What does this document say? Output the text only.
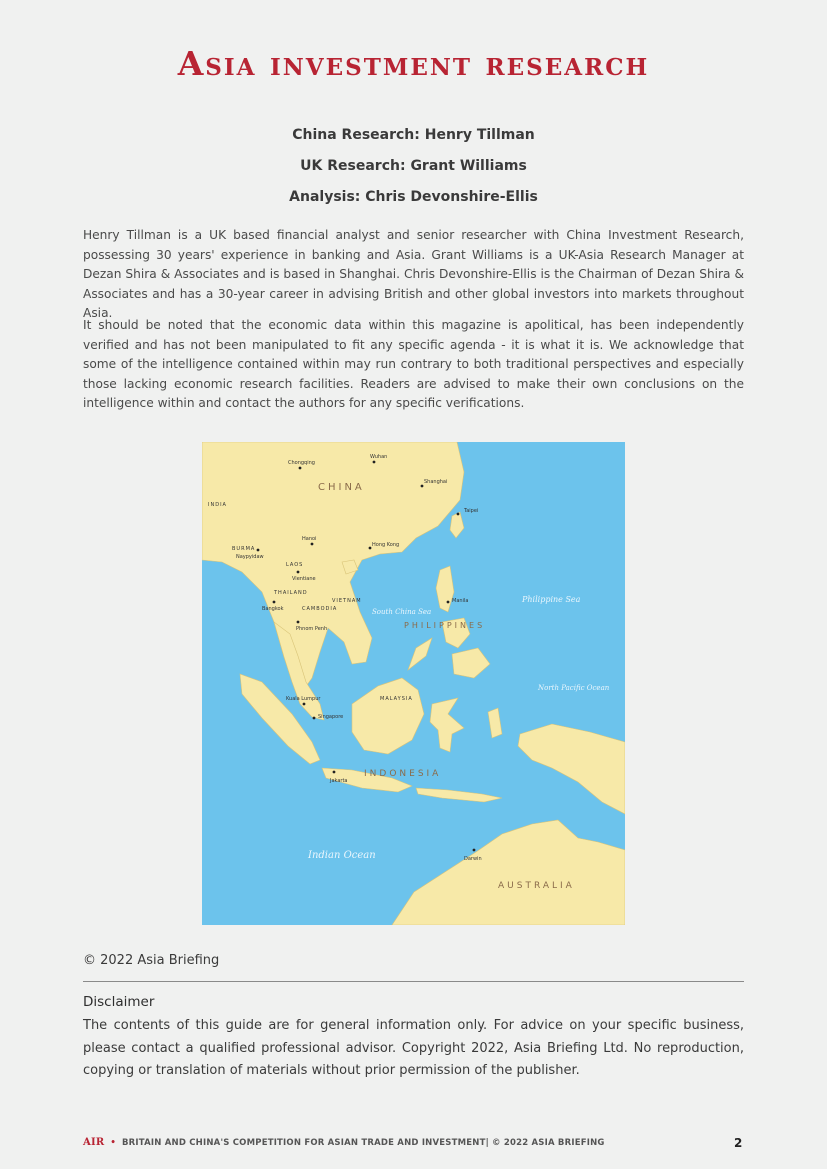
Asia investment research
China Research: Henry Tillman
UK Research: Grant Williams
Analysis: Chris Devonshire-Ellis
Henry Tillman is a UK based financial analyst and senior researcher with China Investment Research, possessing 30 years' experience in banking and Asia. Grant Williams is a UK-Asia Research Manager at Dezan Shira & Associates and is based in Shanghai. Chris Devonshire-Ellis is the Chairman of Dezan Shira & Associates and has a 30-year career in advising British and other global investors into markets throughout Asia.
It should be noted that the economic data within this magazine is apolitical, has been independently verified and has not been manipulated to fit any specific agenda - it is what it is. We acknowledge that some of the intelligence contained within may run contrary to both traditional perspectives and especially those lacking economic research facilities. Readers are advised to make their own conclusions on the intelligence within and contact the authors for any specific verifications.
CHINA
PHILIPPINES
INDONESIA
AUSTRALIA
VIETNAM
LAOS
THAILAND
CAMBODIA
BURMA
INDIA
MALAYSIA
South China Sea
Philippine Sea
North Pacific Ocean
Indian Ocean
Chongqing
Wuhan
Shanghai
Hanoi
Vientiane
Bangkok
Phnom Penh
Manila
Kuala Lumpur
Singapore
Jakarta
Darwin
Hong Kong
Taipei
Naypyidaw
© 2022 Asia Briefing
Disclaimer
The contents of this guide are for general information only. For advice on your specific business, please contact a qualified professional advisor. Copyright 2022, Asia Briefing Ltd. No reproduction, copying or translation of materials without prior permission of the publisher.
AIR • BRITAIN AND CHINA'S COMPETITION FOR ASIAN TRADE AND INVESTMENT| © 2022 ASIA BRIEFING	2
